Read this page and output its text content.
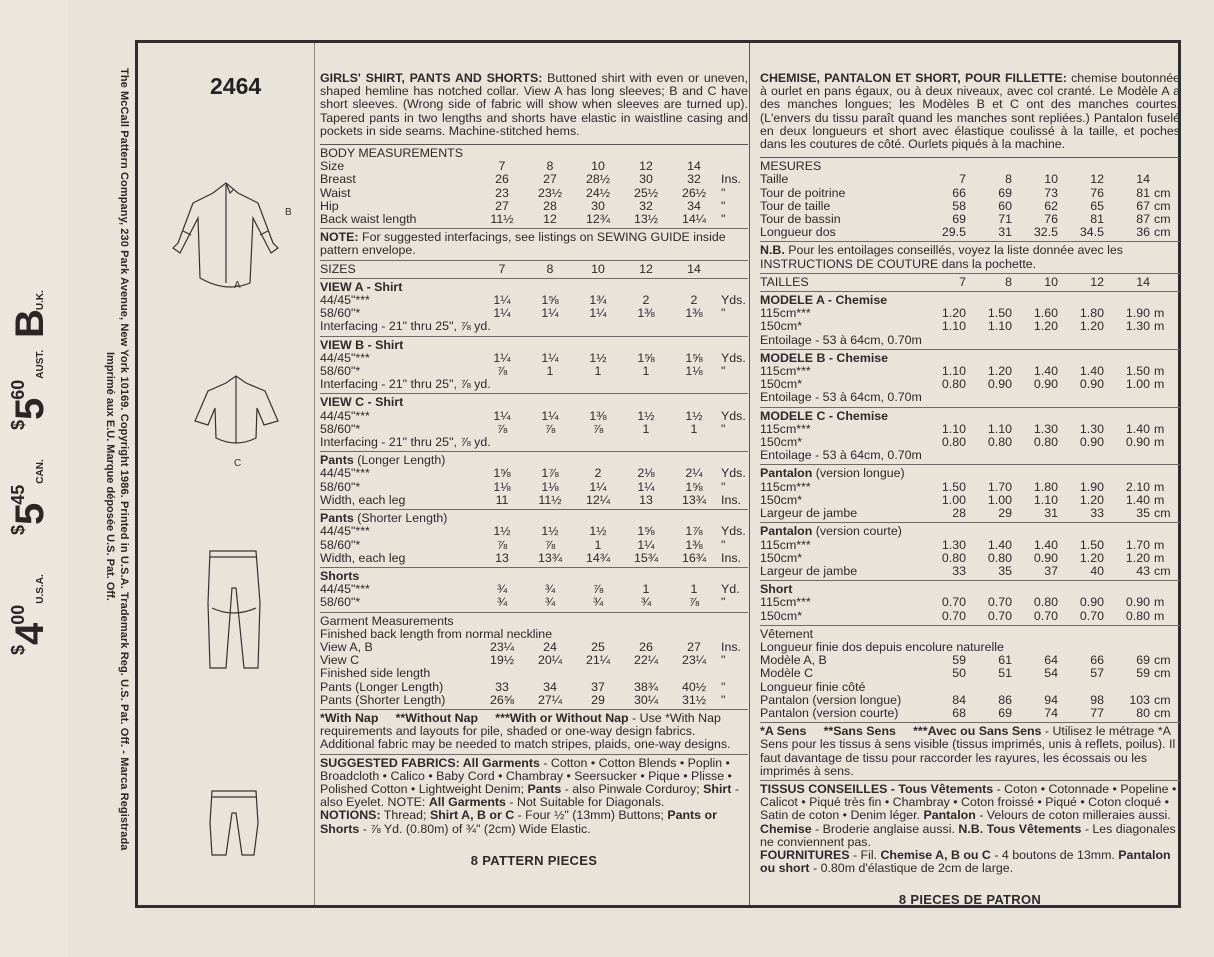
$400U.S.A.
$545CAN.
$560AUST.
BU.K.	The McCall Pattern Company, 230 Park Avenue, New York 10169. Copyright 1986. Printed in U.S.A. Trademark Reg. U.S. Pat. Off. - Marca Registrada
Imprimé aux E.U. Marque déposée U.S. Pat. Off.
2464
B
A
C
GIRLS' SHIRT, PANTS AND SHORTS: Buttoned shirt with even or uneven, shaped hemline has notched collar. View A has long sleeves; B and C have short sleeves. (Wrong side of fabric will show when sleeves are turned up). Tapered pants in two lengths and shorts have elastic in waistline casing and pockets in side seams. Machine-stitched hems.
BODY MEASUREMENTS
Size	7	8	10	12	14
Breast	26	27	28½	30	32	Ins.
Waist	23	23½	24½	25½	26½	"
Hip	27	28	30	32	34	"
Back waist length	11½	12	12¾	13½	14¼	"
NOTE: For suggested interfacings, see listings on SEWING GUIDE inside pattern envelope.
SIZES	7	8	10	12	14
VIEW A - Shirt
44/45"***	1¼	1⅝	1¾	2	2	Yds.
58/60"*	1¼	1¼	1¼	1⅜	1⅜	"
Interfacing - 21" thru 25", ⅞ yd.
VIEW B - Shirt
44/45"***	1¼	1¼	1½	1⅝	1⅝	Yds.
58/60"*	⅞	1	1	1	1⅛	"
Interfacing - 21" thru 25", ⅞ yd.
VIEW C - Shirt
44/45"***	1¼	1¼	1⅜	1½	1½	Yds.
58/60"*	⅞	⅞	⅞	1	1	"
Interfacing - 21" thru 25", ⅞ yd.
Pants (Longer Length)
44/45"***	1⅝	1⅞	2	2⅛	2¼	Yds.
58/60"*	1⅛	1⅛	1¼	1¼	1⅝	"
Width, each leg	11	11½	12¼	13	13¾	Ins.
Pants (Shorter Length)
44/45"***	1½	1½	1½	1⅝	1⅞	Yds.
58/60"*	⅞	⅞	1	1¼	1⅜	"
Width, each leg	13	13¾	14¾	15¾	16¾	Ins.
Shorts
44/45"***	¾	¾	⅞	1	1	Yd.
58/60"*	¾	¾	¾	¾	⅞	"
Garment Measurements
Finished back length from normal neckline
View A, B	23¼	24	25	26	27	Ins.
View C	19½	20¼	21¼	22¼	23¼	"
Finished side length
Pants (Longer Length)	33	34	37	38¾	40½	"
Pants (Shorter Length)	26⅝	27¼	29	30¼	31½	"
*With Nap     **Without Nap     ***With or Without Nap - Use *With Nap requirements and layouts for pile, shaded or one-way design fabrics. Additional fabric may be needed to match stripes, plaids, one-way designs.
SUGGESTED FABRICS: All Garments - Cotton • Cotton Blends • Poplin • Broadcloth • Calico • Baby Cord • Chambray • Seersucker • Pique • Plisse • Polished Cotton • Lightweight Denim; Pants - also Pinwale Corduroy; Shirt - also Eyelet. NOTE: All Garments - Not Suitable for Diagonals.
NOTIONS: Thread; Shirt A, B or C - Four ½" (13mm) Buttons; Pants or Shorts - ⅞ Yd. (0.80m) of ¾" (2cm) Wide Elastic.
8 PATTERN PIECES
CHEMISE, PANTALON ET SHORT, POUR FILLETTE: chemise boutonnée à ourlet en pans égaux, ou à deux niveaux, avec col cranté. Le Modèle A a des manches longues; les Modèles B et C ont des manches courtes. (L'envers du tissu paraît quand les manches sont repliées.) Pantalon fuselé en deux longueurs et short avec élastique coulissé à la taille, et poches dans les coutures de côté. Ourlets piqués à la machine.
MESURES
Taille	7	8	10	12	14
Tour de poitrine	66	69	73	76	81 cm
Tour de taille	58	60	62	65	67 cm
Tour de bassin	69	71	76	81	87 cm
Longueur dos	29.5	31	32.5	34.5	36 cm
N.B. Pour les entoilages conseillés, voyez la liste donnée avec les INSTRUCTIONS DE COUTURE dans la pochette.
TAILLES	7	8	10	12	14
MODELE A - Chemise
115cm***	1.20	1.50	1.60	1.80	1.90 m
150cm*	1.10	1.10	1.20	1.20	1.30 m
Entoilage - 53 à 64cm, 0.70m
MODELE B - Chemise
115cm***	1.10	1.20	1.40	1.40	1.50 m
150cm*	0.80	0.90	0.90	0.90	1.00 m
Entoilage - 53 à 64cm, 0.70m
MODELE C - Chemise
115cm***	1.10	1.10	1.30	1.30	1.40 m
150cm*	0.80	0.80	0.80	0.90	0.90 m
Entoilage - 53 à 64cm, 0.70m
Pantalon (version longue)
115cm***	1.50	1.70	1.80	1.90	2.10 m
150cm*	1.00	1.00	1.10	1.20	1.40 m
Largeur de jambe	28	29	31	33	35 cm
Pantalon (version courte)
115cm***	1.30	1.40	1.40	1.50	1.70 m
150cm*	0.80	0.80	0.90	1.20	1.20 m
Largeur de jambe	33	35	37	40	43 cm
Short
115cm***	0.70	0.70	0.80	0.90	0.90 m
150cm*	0.70	0.70	0.70	0.70	0.80 m
Vêtement
Longueur finie dos depuis encolure naturelle
Modèle A, B	59	61	64	66	69 cm
Modèle C	50	51	54	57	59 cm
Longueur finie côté
Pantalon (version longue)	84	86	94	98	103 cm
Pantalon (version courte)	68	69	74	77	80 cm
*A Sens     **Sans Sens     ***Avec ou Sans Sens - Utilisez le métrage *A Sens pour les tissus à sens visible (tissus imprimés, unis à reflets, poilus). Il faut davantage de tissu pour raccorder les rayures, les écossais ou les imprimés à sens.
TISSUS CONSEILLES - Tous Vêtements - Coton • Cotonnade • Popeline • Calicot • Piqué très fin • Chambray • Coton froissé • Piqué • Coton cloqué • Satin de coton • Denim léger. Pantalon - Velours de coton milleraies aussi. Chemise - Broderie anglaise aussi. N.B. Tous Vêtements - Les diagonales ne conviennent pas.
FOURNITURES - Fil. Chemise A, B ou C - 4 boutons de 13mm. Pantalon ou short - 0.80m d'élastique de 2cm de large.
8 PIECES DE PATRON
